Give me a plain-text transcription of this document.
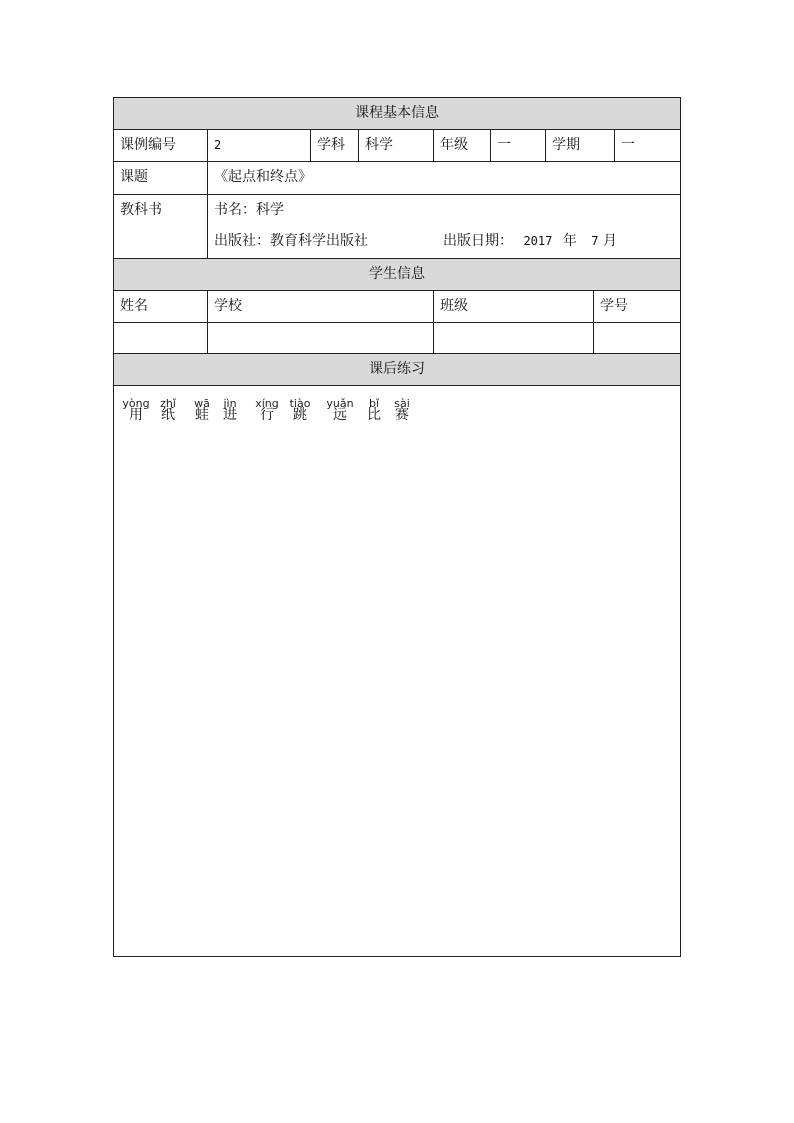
课程基本信息
课例编号	2	学科	科学	年级	一	学期	一
课题	《起点和终点》
教科书	书名：科学
出版社：教育科学出版社	出版日期： 2017 年 7 月
学生信息
姓名	学校	班级	学号
课后练习
yòng
用
zhǐ
纸
wā
蛙
jìn
进
xíng
行
tiào
跳
yuǎn
远
bǐ
比
sài
赛
